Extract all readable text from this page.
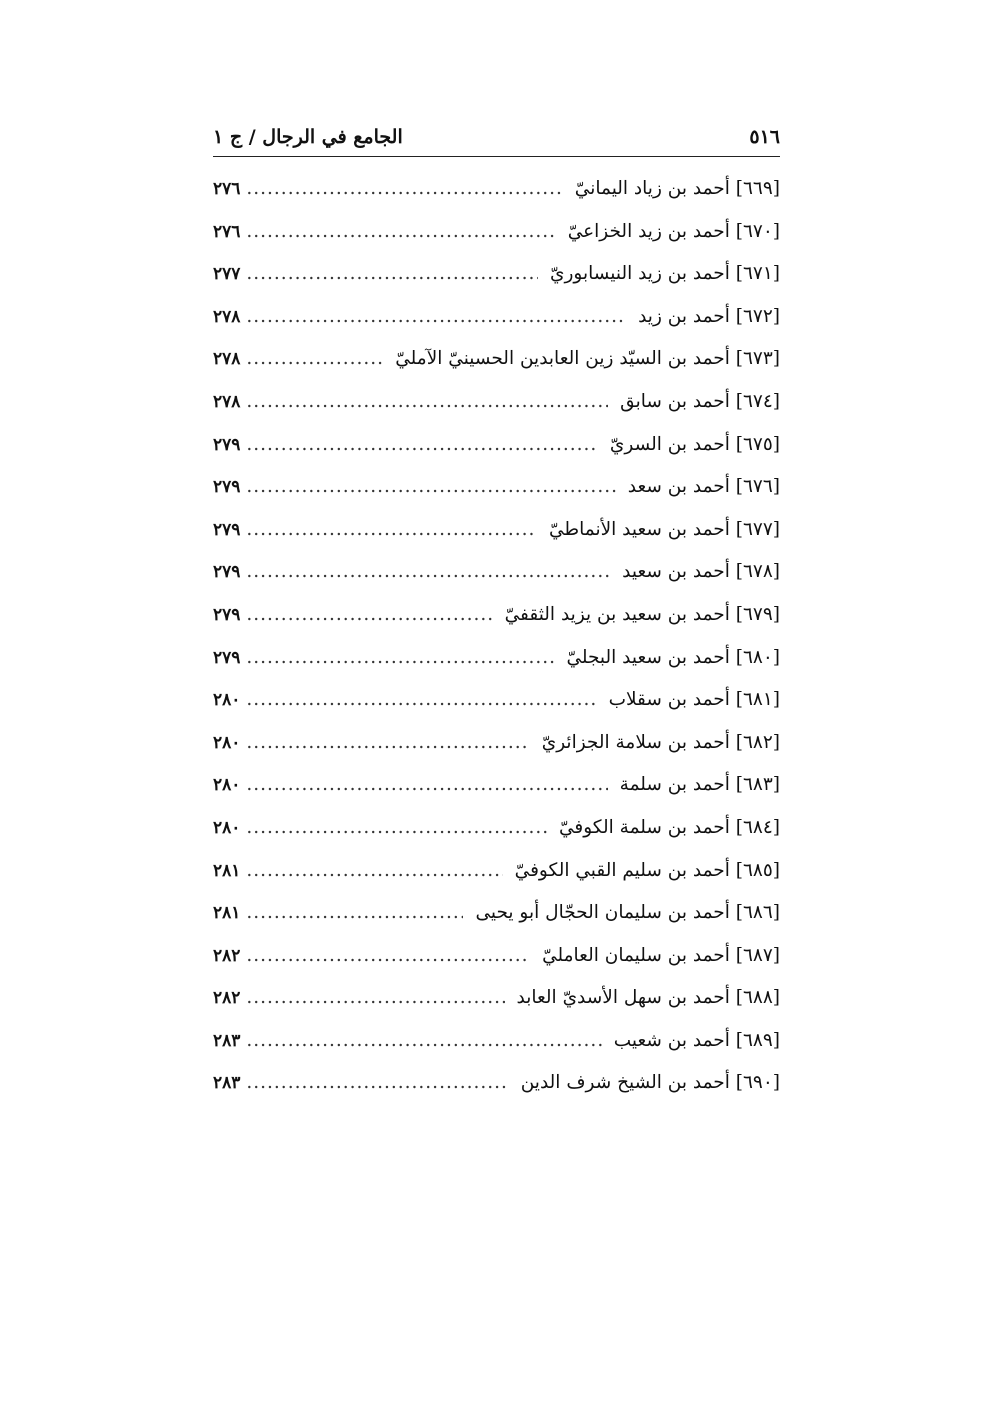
٥١٦
الجامع في الرجال / ج ١
[٦٦٩] أحمد بن زياد اليمانيّ
.....
٢٧٦
[٦٧٠] أحمد بن زيد الخزاعيّ
.....
٢٧٦
[٦٧١] أحمد بن زيد النيسابوريّ
.....
٢٧٧
[٦٧٢] أحمد بن زيد
.....
٢٧٨
[٦٧٣] أحمد بن السيّد زين العابدين الحسينيّ الآمليّ
.....
٢٧٨
[٦٧٤] أحمد بن سابق
.....
٢٧٨
[٦٧٥] أحمد بن السريّ
.....
٢٧٩
[٦٧٦] أحمد بن سعد
.....
٢٧٩
[٦٧٧] أحمد بن سعيد الأنماطيّ
.....
٢٧٩
[٦٧٨] أحمد بن سعيد
.....
٢٧٩
[٦٧٩] أحمد بن سعيد بن يزيد الثقفيّ
.....
٢٧٩
[٦٨٠] أحمد بن سعيد البجليّ
.....
٢٧٩
[٦٨١] أحمد بن سقلاب
.....
٢٨٠
[٦٨٢] أحمد بن سلامة الجزائريّ
.....
٢٨٠
[٦٨٣] أحمد بن سلمة
.....
٢٨٠
[٦٨٤] أحمد بن سلمة الكوفيّ
.....
٢٨٠
[٦٨٥] أحمد بن سليم القبي الكوفيّ
.....
٢٨١
[٦٨٦] أحمد بن سليمان الحجّال أبو يحيى
.....
٢٨١
[٦٨٧] أحمد بن سليمان العامليّ
.....
٢٨٢
[٦٨٨] أحمد بن سهل الأسديّ العابد
.....
٢٨٢
[٦٨٩] أحمد بن شعيب
.....
٢٨٣
[٦٩٠] أحمد بن الشيخ شرف الدين
.....
٢٨٣
